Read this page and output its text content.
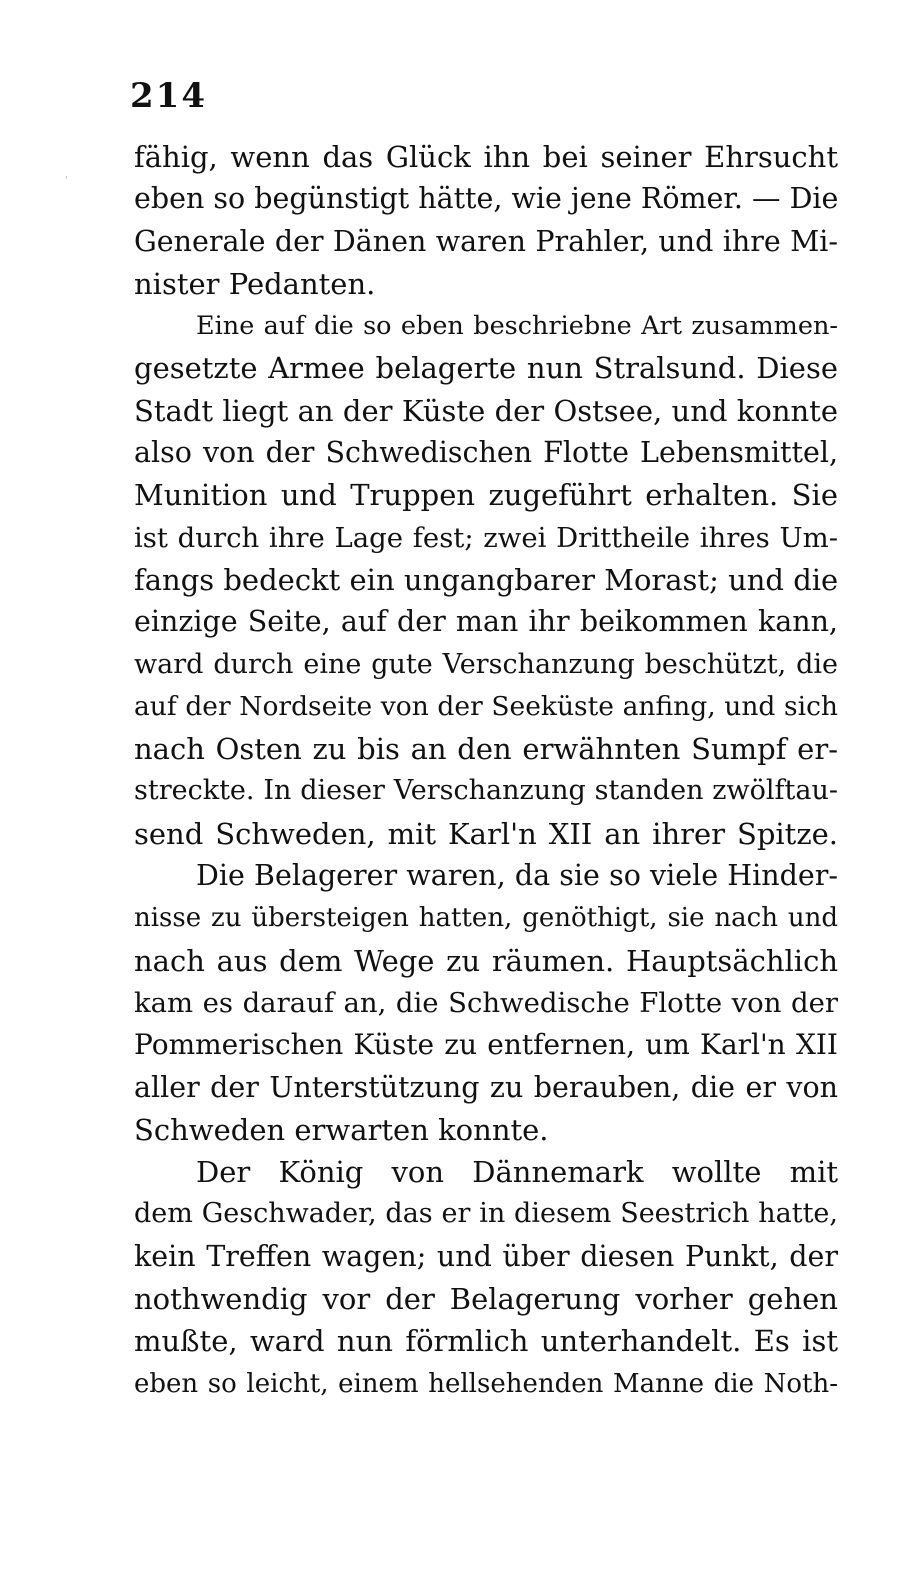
214
fähig, wenn das Glück ihn bei seiner Ehrsucht
eben so begünstigt hätte, wie jene Römer. — Die
Generale der Dänen waren Prahler, und ihre Mi-
nister Pedanten.
Eine auf die so eben beschriebne Art zusammen-
gesetzte Armee belagerte nun Stralsund. Diese
Stadt liegt an der Küste der Ostsee, und konnte
also von der Schwedischen Flotte Lebensmittel,
Munition und Truppen zugeführt erhalten. Sie
ist durch ihre Lage fest; zwei Drittheile ihres Um-
fangs bedeckt ein ungangbarer Morast; und die
einzige Seite, auf der man ihr beikommen kann,
ward durch eine gute Verschanzung beschützt, die
auf der Nordseite von der Seeküste anfing, und sich
nach Osten zu bis an den erwähnten Sumpf er-
streckte. In dieser Verschanzung standen zwölftau-
send Schweden, mit Karl'n XII an ihrer Spitze.
Die Belagerer waren, da sie so viele Hinder-
nisse zu übersteigen hatten, genöthigt, sie nach und
nach aus dem Wege zu räumen. Hauptsächlich
kam es darauf an, die Schwedische Flotte von der
Pommerischen Küste zu entfernen, um Karl'n XII
aller der Unterstützung zu berauben, die er von
Schweden erwarten konnte.
Der König von Dännemark wollte mit
dem Geschwader, das er in diesem Seestrich hatte,
kein Treffen wagen; und über diesen Punkt, der
nothwendig vor der Belagerung vorher gehen
mußte, ward nun förmlich unterhandelt. Es ist
eben so leicht, einem hellsehenden Manne die Noth-
